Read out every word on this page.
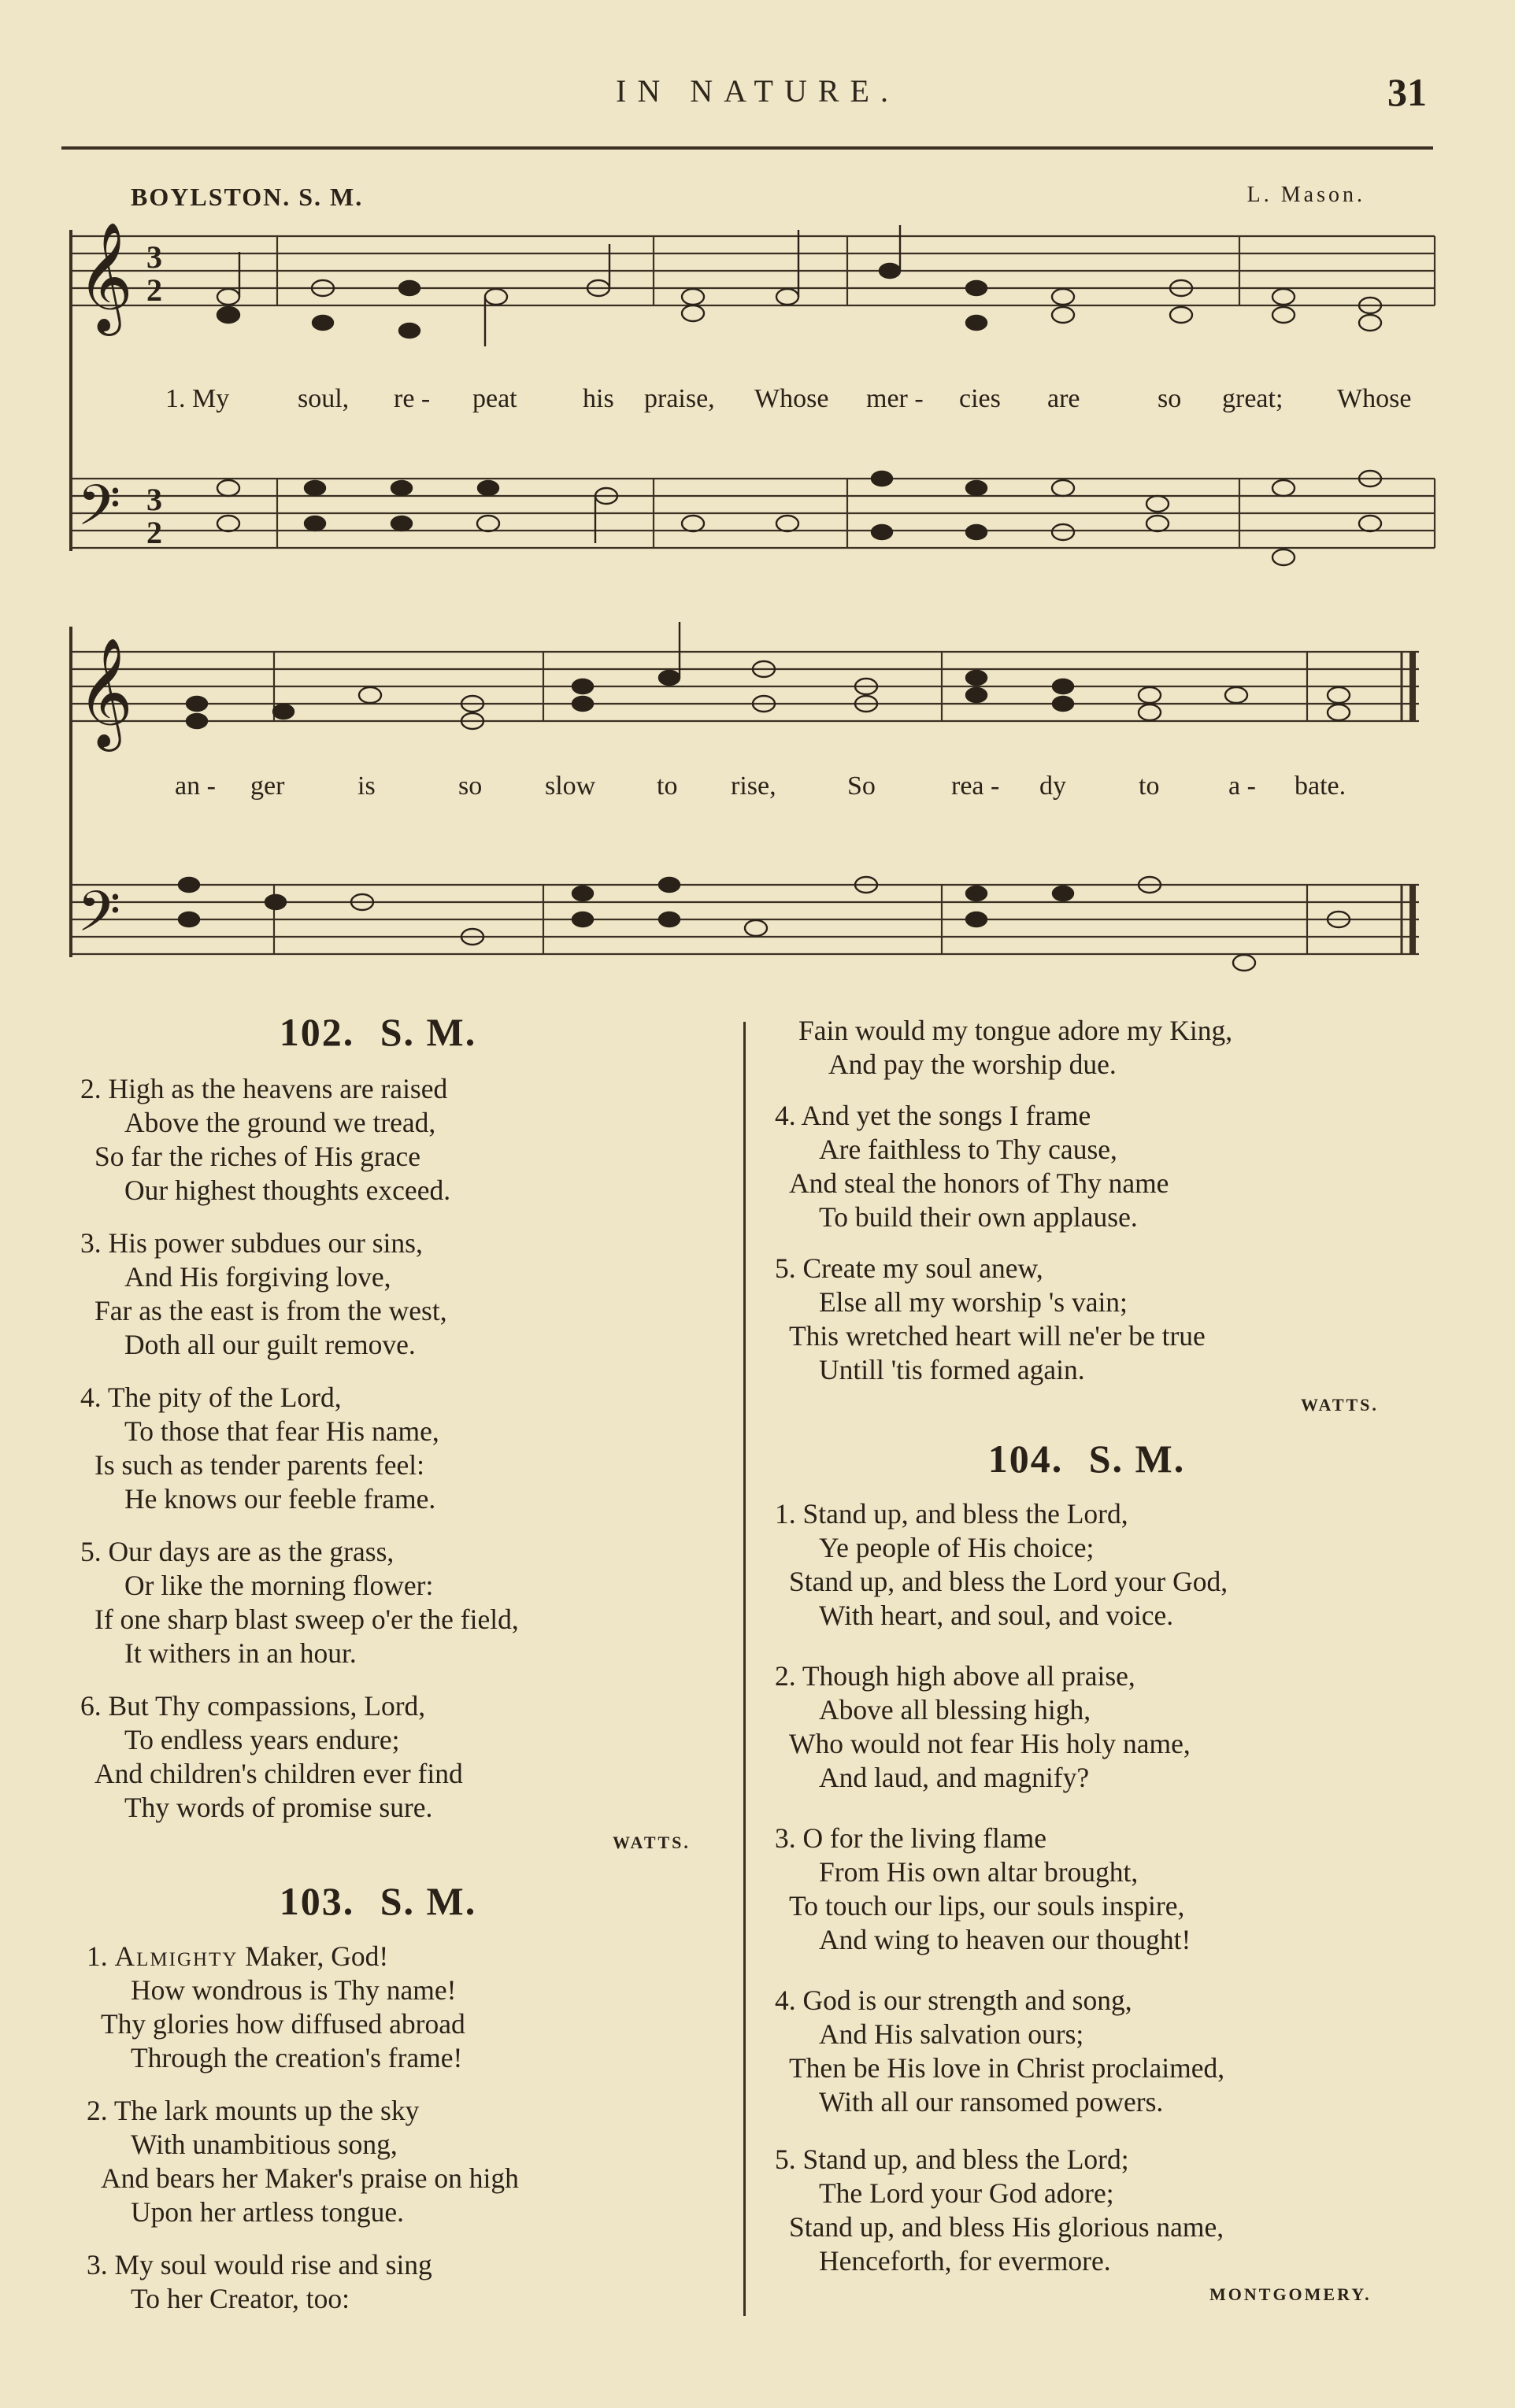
IN NATURE.	31
BOYLSTON. S. M.	L. Mason.
𝄞
𝄢
3
2
3
2
𝄞
𝄢
1. My	soul, re - peat his praise, Whose mer - cies are	so great; Whose
an - ger	is	so slow to rise,	So	rea - dy	to	a - bate.
102. S. M.
2. High as the heavens are raised
Above the ground we tread,
So far the riches of His grace
Our highest thoughts exceed.
3. His power subdues our sins,
And His forgiving love,
Far as the east is from the west,
Doth all our guilt remove.
4. The pity of the Lord,
To those that fear His name,
Is such as tender parents feel:
He knows our feeble frame.
5. Our days are as the grass,
Or like the morning flower:
If one sharp blast sweep o'er the field,
It withers in an hour.
6. But Thy compassions, Lord,
To endless years endure;
And children's children ever find
Thy words of promise sure.
WATTS.
103. S. M.
1. Almighty Maker, God!
How wondrous is Thy name!
Thy glories how diffused abroad
Through the creation's frame!
2. The lark mounts up the sky
With unambitious song,
And bears her Maker's praise on high
Upon her artless tongue.
3. My soul would rise and sing
To her Creator, too:
Fain would my tongue adore my King,
And pay the worship due.
4. And yet the songs I frame
Are faithless to Thy cause,
And steal the honors of Thy name
To build their own applause.
5. Create my soul anew,
Else all my worship 's vain;
This wretched heart will ne'er be true
Untill 'tis formed again.
WATTS.
104. S. M.
1. Stand up, and bless the Lord,
Ye people of His choice;
Stand up, and bless the Lord your God,
With heart, and soul, and voice.
2. Though high above all praise,
Above all blessing high,
Who would not fear His holy name,
And laud, and magnify?
3. O for the living flame
From His own altar brought,
To touch our lips, our souls inspire,
And wing to heaven our thought!
4. God is our strength and song,
And His salvation ours;
Then be His love in Christ proclaimed,
With all our ransomed powers.
5. Stand up, and bless the Lord;
The Lord your God adore;
Stand up, and bless His glorious name,
Henceforth, for evermore.
MONTGOMERY.
